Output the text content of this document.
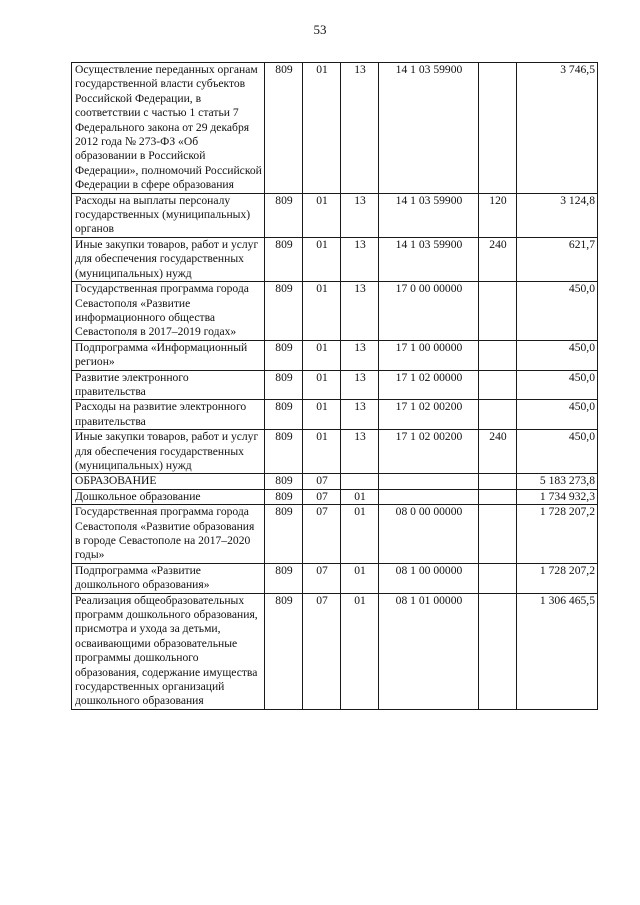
53
Осуществление переданных органам государственной власти субъектов Российской Федерации, в соответствии с частью 1 статьи 7 Федерального закона от 29 декабря 2012 года № 273-ФЗ «Об образовании в Российской Федерации», полномочий Российской Федерации в сфере образования	809	01	13	14 1 03 59900		3 746,5
Расходы на выплаты персоналу государственных (муниципальных) органов	809	01	13	14 1 03 59900	120	3 124,8
Иные закупки товаров, работ и услуг для обеспечения государственных (муниципальных) нужд	809	01	13	14 1 03 59900	240	621,7
Государственная программа города Севастополя «Развитие информационного общества Севастополя в 2017–2019 годах»	809	01	13	17 0 00 00000		450,0
Подпрограмма «Информационный регион»	809	01	13	17 1 00 00000		450,0
Развитие электронного правительства	809	01	13	17 1 02 00000		450,0
Расходы на развитие электронного правительства	809	01	13	17 1 02 00200		450,0
Иные закупки товаров, работ и услуг для обеспечения государственных (муниципальных) нужд	809	01	13	17 1 02 00200	240	450,0
ОБРАЗОВАНИЕ	809	07				5 183 273,8
Дошкольное образование	809	07	01			1 734 932,3
Государственная программа города Севастополя «Развитие образования в городе Севастополе на 2017–2020 годы»	809	07	01	08 0 00 00000		1 728 207,2
Подпрограмма «Развитие дошкольного образования»	809	07	01	08 1 00 00000		1 728 207,2
Реализация общеобразовательных программ дошкольного образования, присмотра и ухода за детьми, осваивающими образовательные программы дошкольного образования, содержание имущества государственных организаций дошкольного образования	809	07	01	08 1 01 00000		1 306 465,5
